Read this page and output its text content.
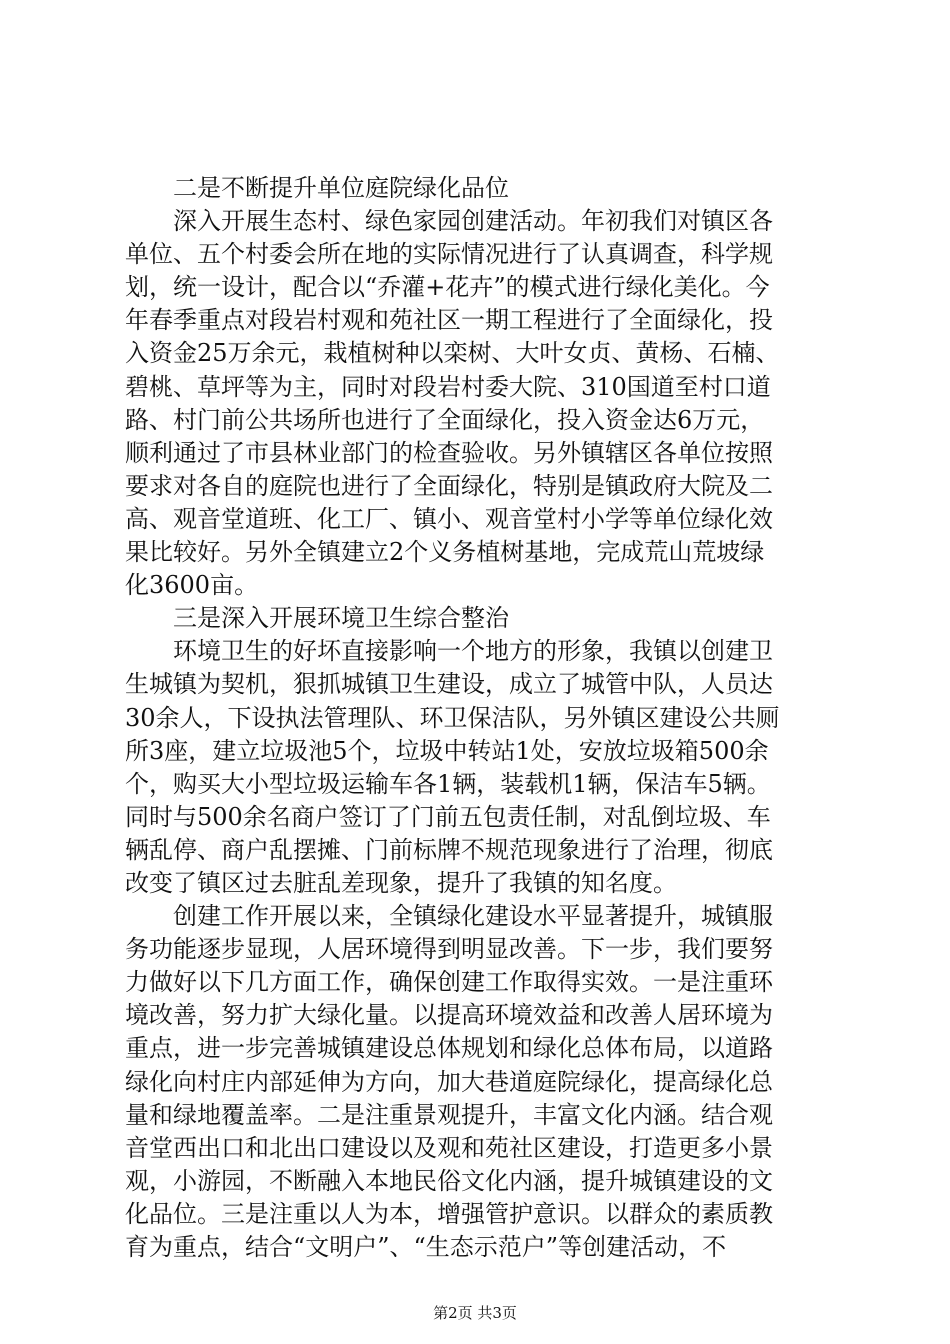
　　二是不断提升单位庭院绿化品位
　　深入开展生态村、绿色家园创建活动。年初我们对镇区各
单位、五个村委会所在地的实际情况进行了认真调查，科学规
划，统一设计，配合以“乔灌+花卉”的模式进行绿化美化。今
年春季重点对段岩村观和苑社区一期工程进行了全面绿化，投
入资金25万余元，栽植树种以栾树、大叶女贞、黄杨、石楠、
碧桃、草坪等为主，同时对段岩村委大院、310国道至村口道
路、村门前公共场所也进行了全面绿化，投入资金达6万元，
顺利通过了市县林业部门的检查验收。另外镇辖区各单位按照
要求对各自的庭院也进行了全面绿化，特别是镇政府大院及二
高、观音堂道班、化工厂、镇小、观音堂村小学等单位绿化效
果比较好。另外全镇建立2个义务植树基地，完成荒山荒坡绿
化3600亩。
　　三是深入开展环境卫生综合整治
　　环境卫生的好坏直接影响一个地方的形象，我镇以创建卫
生城镇为契机，狠抓城镇卫生建设，成立了城管中队，人员达
30余人，下设执法管理队、环卫保洁队，另外镇区建设公共厕
所3座，建立垃圾池5个，垃圾中转站1处，安放垃圾箱500余
个，购买大小型垃圾运输车各1辆，装载机1辆，保洁车5辆。
同时与500余名商户签订了门前五包责任制，对乱倒垃圾、车
辆乱停、商户乱摆摊、门前标牌不规范现象进行了治理，彻底
改变了镇区过去脏乱差现象，提升了我镇的知名度。
　　创建工作开展以来，全镇绿化建设水平显著提升，城镇服
务功能逐步显现，人居环境得到明显改善。下一步，我们要努
力做好以下几方面工作，确保创建工作取得实效。一是注重环
境改善，努力扩大绿化量。以提高环境效益和改善人居环境为
重点，进一步完善城镇建设总体规划和绿化总体布局，以道路
绿化向村庄内部延伸为方向，加大巷道庭院绿化，提高绿化总
量和绿地覆盖率。二是注重景观提升，丰富文化内涵。结合观
音堂西出口和北出口建设以及观和苑社区建设，打造更多小景
观，小游园，不断融入本地民俗文化内涵，提升城镇建设的文
化品位。三是注重以人为本，增强管护意识。以群众的素质教
育为重点，结合“文明户”、“生态示范户”等创建活动，不
第2页 共3页
